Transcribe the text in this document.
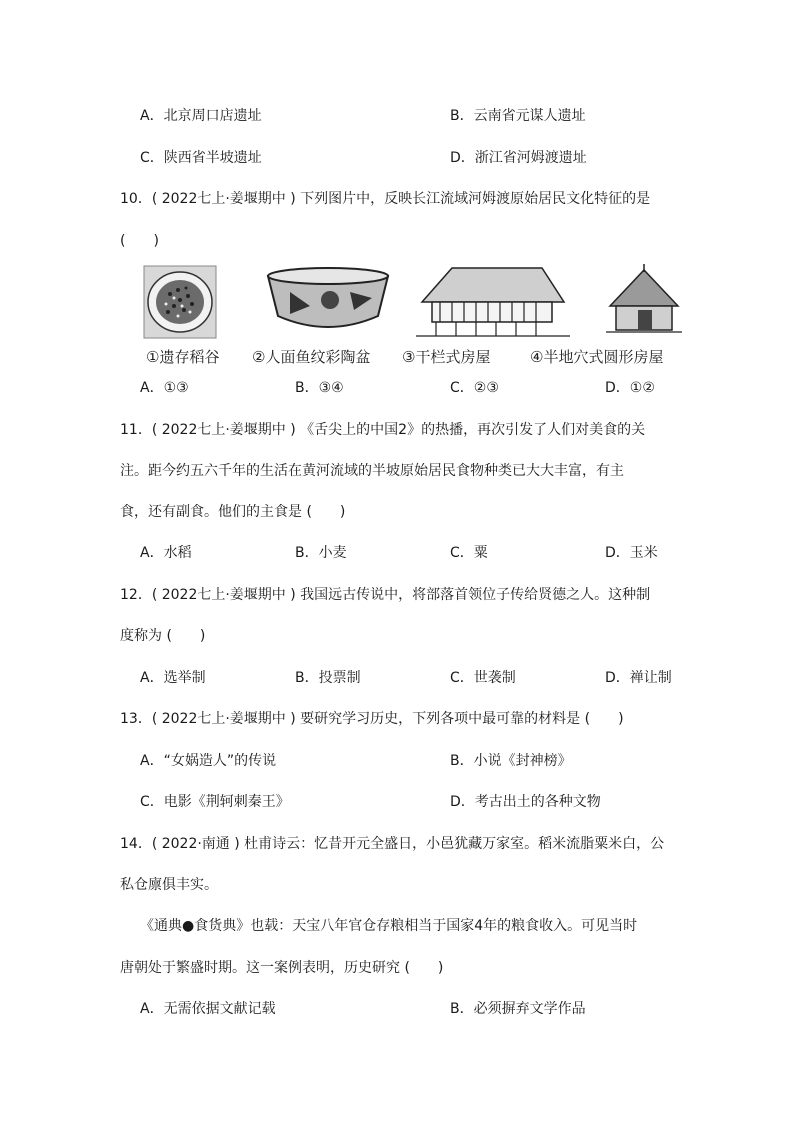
A．北京周口店遗址	B．云南省元谋人遗址
C．陕西省半坡遗址	D．浙江省河姆渡遗址
10．( 2022七上·姜堰期中 ) 下列图片中，反映长江流域河姆渡原始居民文化特征的是
(　　)
①遗存稻谷 ②人面鱼纹彩陶盆 ③干栏式房屋	④半地穴式圆形房屋
A．①③	B．③④	C．②③	D．①②
11．( 2022七上·姜堰期中 ) 《舌尖上的中国2》的热播，再次引发了人们对美食的关
注。距今约五六千年的生活在黄河流域的半坡原始居民食物种类已大大丰富，有主
食，还有副食。他们的主食是 (　　)
A．水稻	B．小麦	C．粟	D．玉米
12．( 2022七上·姜堰期中 ) 我国远古传说中，将部落首领位子传给贤德之人。这种制
度称为 (　　)
A．选举制	B．投票制	C．世袭制	D．禅让制
13．( 2022七上·姜堰期中 ) 要研究学习历史，下列各项中最可靠的材料是 (　　)
A．“女娲造人”的传说	B．小说《封神榜》
C．电影《荆轲刺秦王》	D．考古出土的各种文物
14．( 2022·南通 ) 杜甫诗云：忆昔开元全盛日，小邑犹藏万家室。稻米流脂粟米白，公
私仓廪俱丰实。
《通典●食货典》也载：天宝八年官仓存粮相当于国家4年的粮食收入。可见当时
唐朝处于繁盛时期。这一案例表明，历史研究 (　　)
A．无需依据文献记载	B．必须摒弃文学作品
